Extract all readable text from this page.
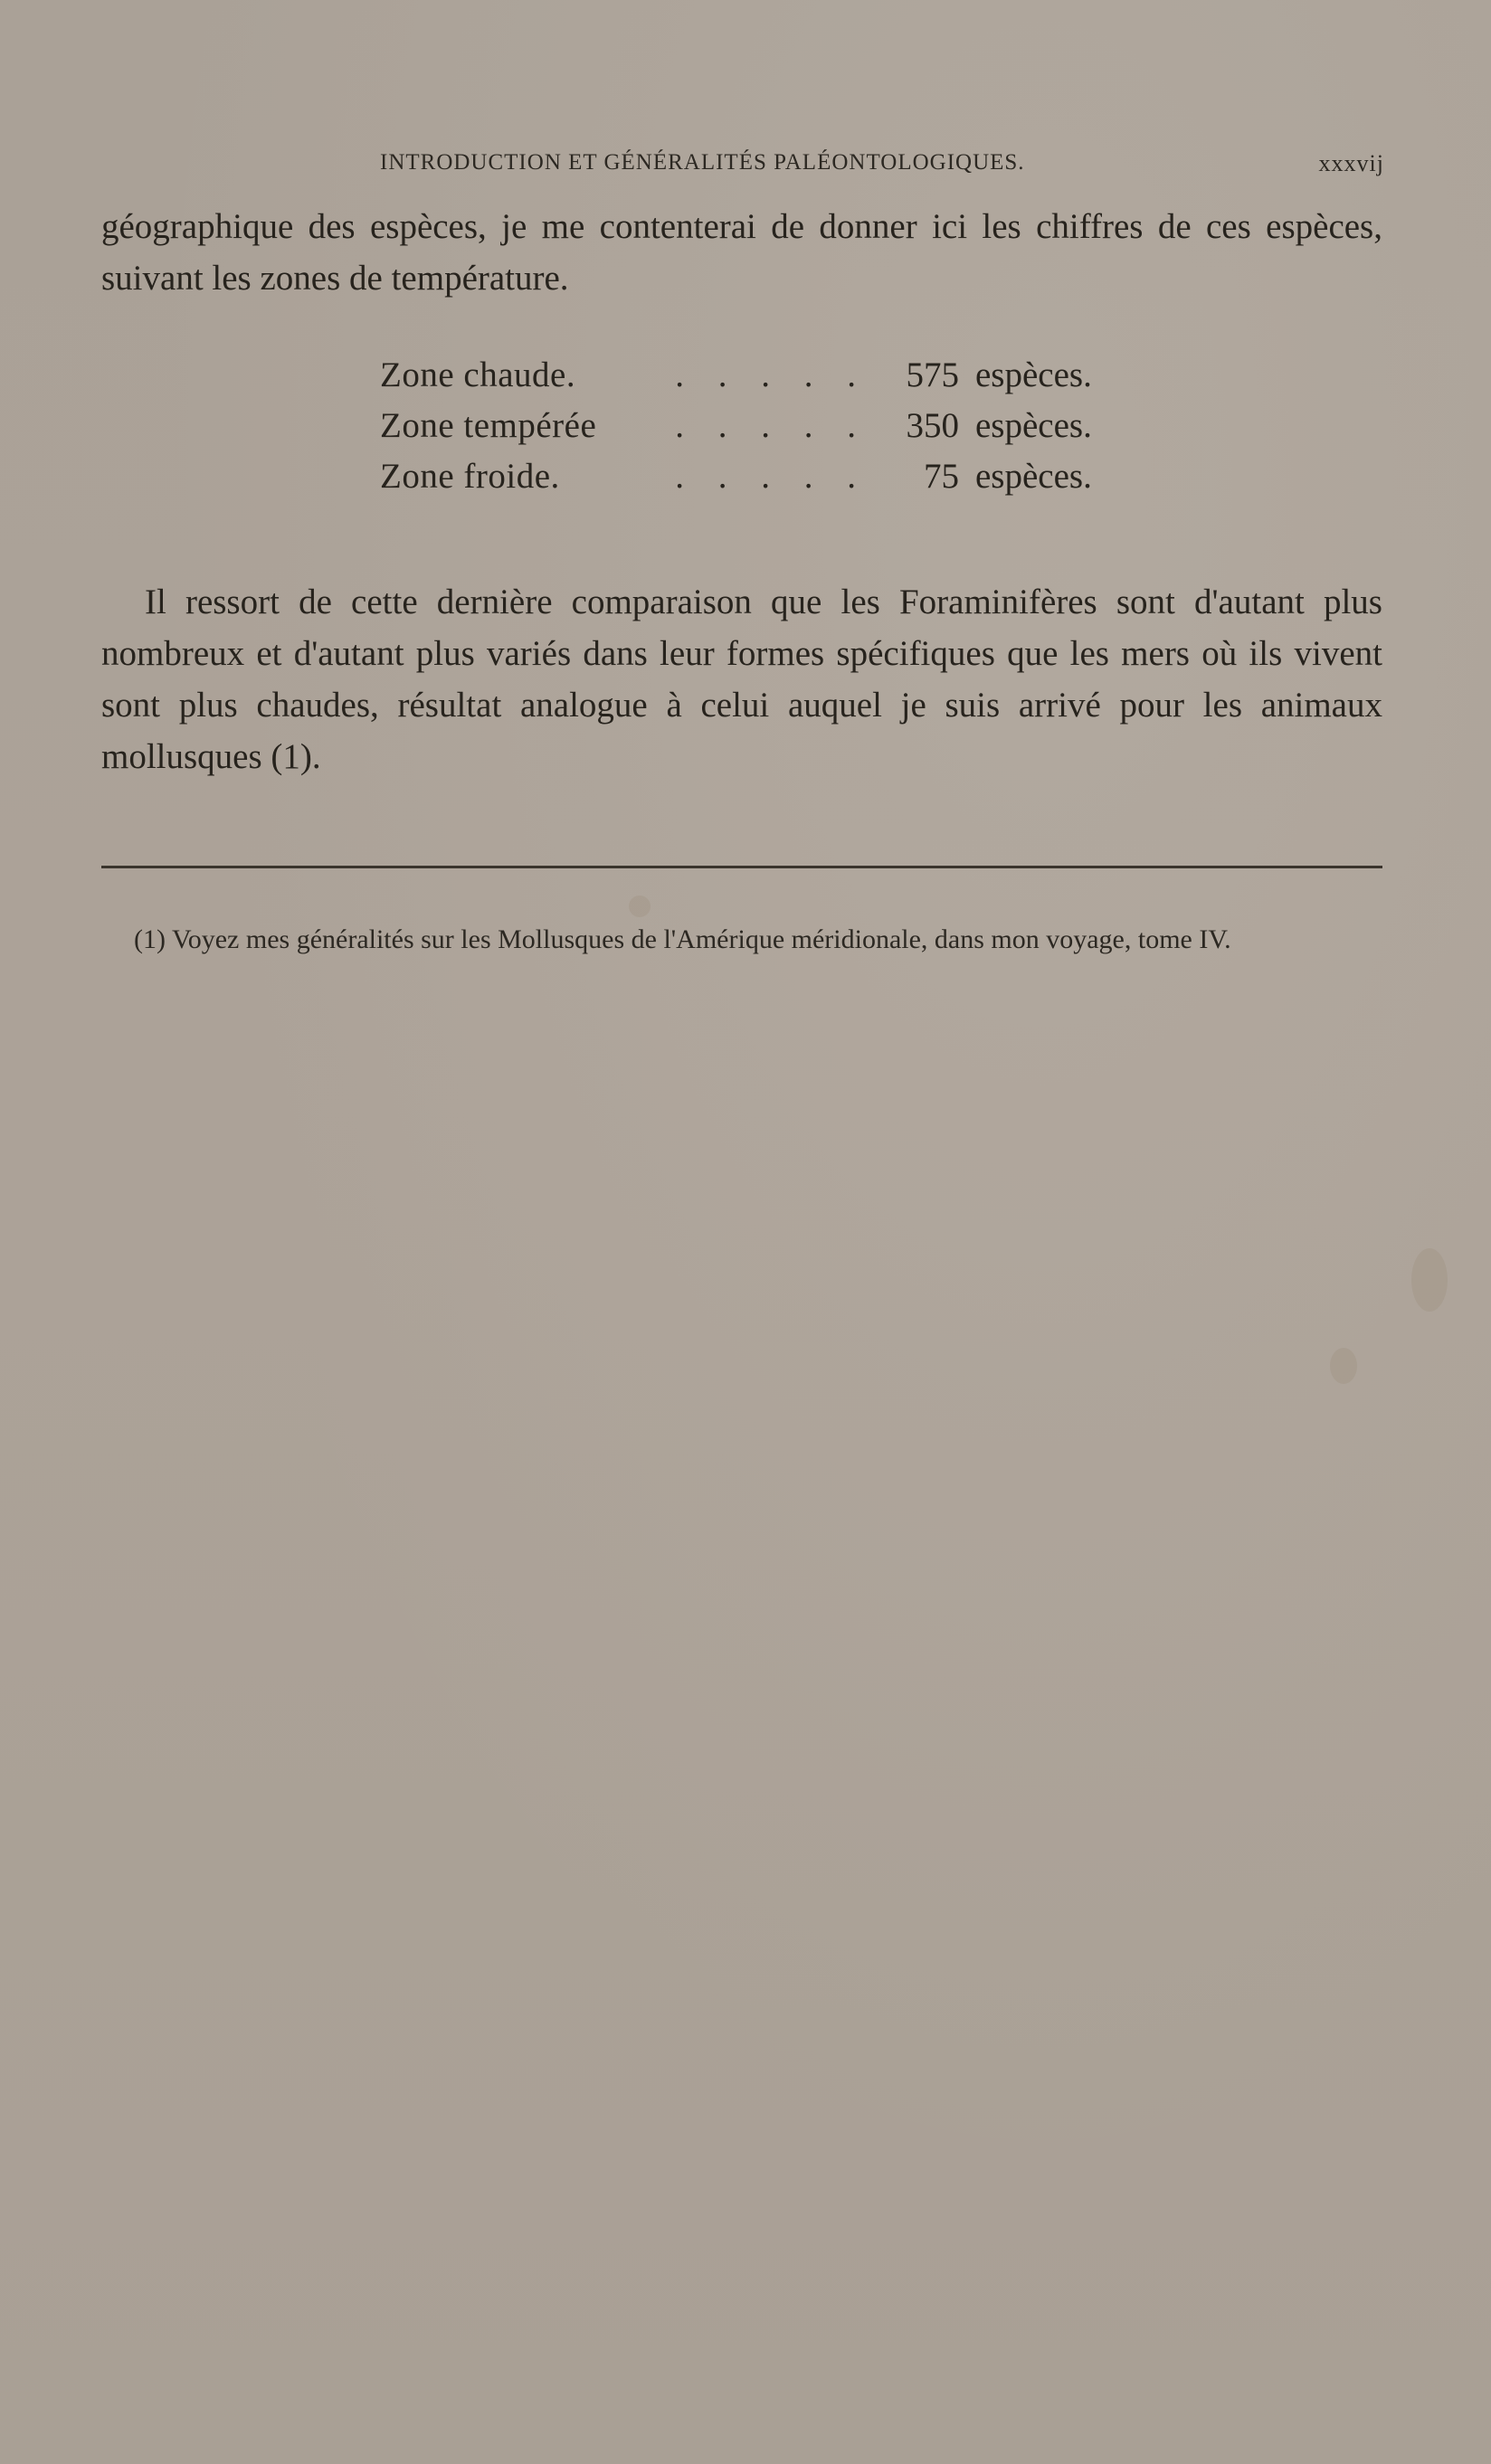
INTRODUCTION ET GÉNÉRALITÉS PALÉONTOLOGIQUES.	xxxvij

géographique des espèces, je me contenterai de donner ici les chiffres de ces espèces, suivant les zones de température.

Zone chaude.	. . . . .	575 espèces.
Zone tempérée	. . . . .	350 espèces.
Zone froide.	. . . . .	75 espèces.

Il ressort de cette dernière comparaison que les Foraminifères sont d'autant plus nombreux et d'autant plus variés dans leur formes spécifiques que les mers où ils vivent sont plus chaudes, résultat analogue à celui auquel je suis arrivé pour les animaux mollusques (1).

(1) Voyez mes généralités sur les Mollusques de l'Amérique méridionale, dans mon voyage, tome IV.
